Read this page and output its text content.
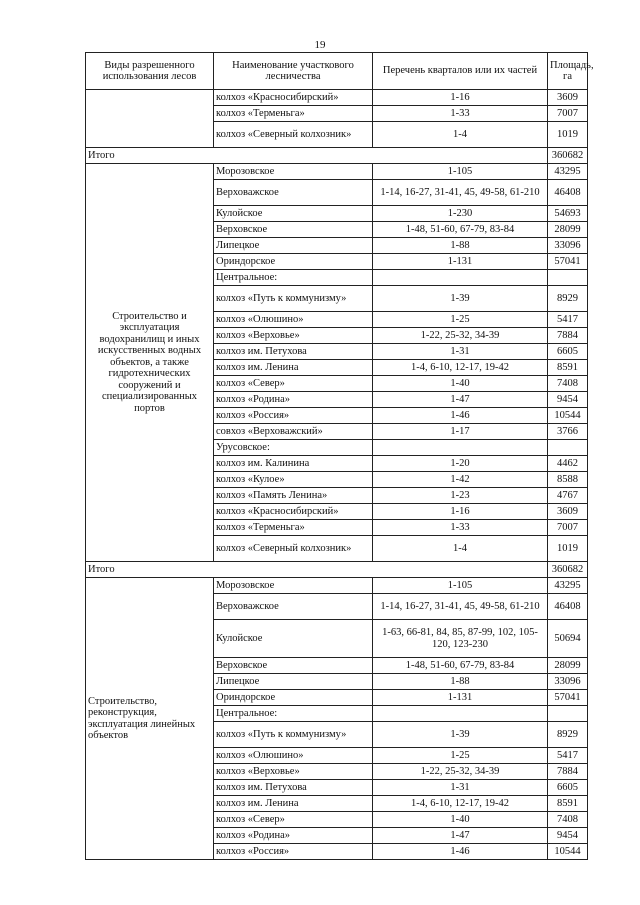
19
Виды разрешенного использования лесов	Наименование участкового лесничества	Перечень кварталов или их частей	Площадь, га
	колхоз «Красносибирский»	1-16	3609
	колхоз «Терменьга»	1-33	7007
	колхоз «Северный колхозник»	1-4	1019
Итого			360682
Строительство и эксплуатация водохранилищ и иных искусственных водных объектов, а также гидротехнических сооружений и специализированных портов	Морозовское	1-105	43295
	Верховажское	1-14, 16-27, 31-41, 45, 49-58, 61-210	46408
	Кулойское	1-230	54693
	Верховское	1-48, 51-60, 67-79, 83-84	28099
	Липецкое	1-88	33096
	Ориндорское	1-131	57041
	Центральное:		
	колхоз «Путь к коммунизму»	1-39	8929
	колхоз «Олюшино»	1-25	5417
	колхоз «Верховье»	1-22, 25-32, 34-39	7884
	колхоз им. Петухова	1-31	6605
	колхоз им. Ленина	1-4, 6-10, 12-17, 19-42	8591
	колхоз «Север»	1-40	7408
	колхоз «Родина»	1-47	9454
	колхоз «Россия»	1-46	10544
	совхоз «Верховажский»	1-17	3766
	Урусовское:		
	колхоз им. Калинина	1-20	4462
	колхоз «Кулое»	1-42	8588
	колхоз «Память Ленина»	1-23	4767
	колхоз «Красносибирский»	1-16	3609
	колхоз «Терменьга»	1-33	7007
	колхоз «Северный колхозник»	1-4	1019
Итого			360682
Строительство, реконструкция, эксплуатация линейных объектов	Морозовское	1-105	43295
	Верховажское	1-14, 16-27, 31-41, 45, 49-58, 61-210	46408
	Кулойское	1-63, 66-81, 84, 85, 87-99, 102, 105-120, 123-230	50694
	Верховское	1-48, 51-60, 67-79, 83-84	28099
	Липецкое	1-88	33096
	Ориндорское	1-131	57041
	Центральное:		
	колхоз «Путь к коммунизму»	1-39	8929
	колхоз «Олюшино»	1-25	5417
	колхоз «Верховье»	1-22, 25-32, 34-39	7884
	колхоз им. Петухова	1-31	6605
	колхоз им. Ленина	1-4, 6-10, 12-17, 19-42	8591
	колхоз «Север»	1-40	7408
	колхоз «Родина»	1-47	9454
	колхоз «Россия»	1-46	10544
